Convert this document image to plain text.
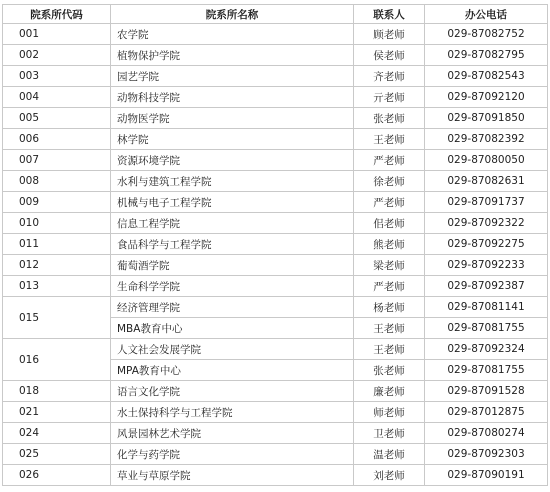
院系所代码	院系所名称	联系人	办公电话
001	农学院	顾老师	029-87082752
002	植物保护学院	侯老师	029-87082795
003	园艺学院	齐老师	029-87082543
004	动物科技学院	亓老师	029-87092120
005	动物医学院	张老师	029-87091850
006	林学院	王老师	029-87082392
007	资源环境学院	严老师	029-87080050
008	水利与建筑工程学院	徐老师	029-87082631
009	机械与电子工程学院	严老师	029-87091737
010	信息工程学院	佀老师	029-87092322
011	食品科学与工程学院	熊老师	029-87092275
012	葡萄酒学院	梁老师	029-87092233
013	生命科学学院	严老师	029-87092387
015	经济管理学院	杨老师	029-87081141
	MBA教育中心	王老师	029-87081755
016	人文社会发展学院	王老师	029-87092324
	MPA教育中心	张老师	029-87081755
018	语言文化学院	廉老师	029-87091528
021	水土保持科学与工程学院	师老师	029-87012875
024	风景园林艺术学院	卫老师	029-87080274
025	化学与药学院	温老师	029-87092303
026	草业与草原学院	刘老师	029-87090191
